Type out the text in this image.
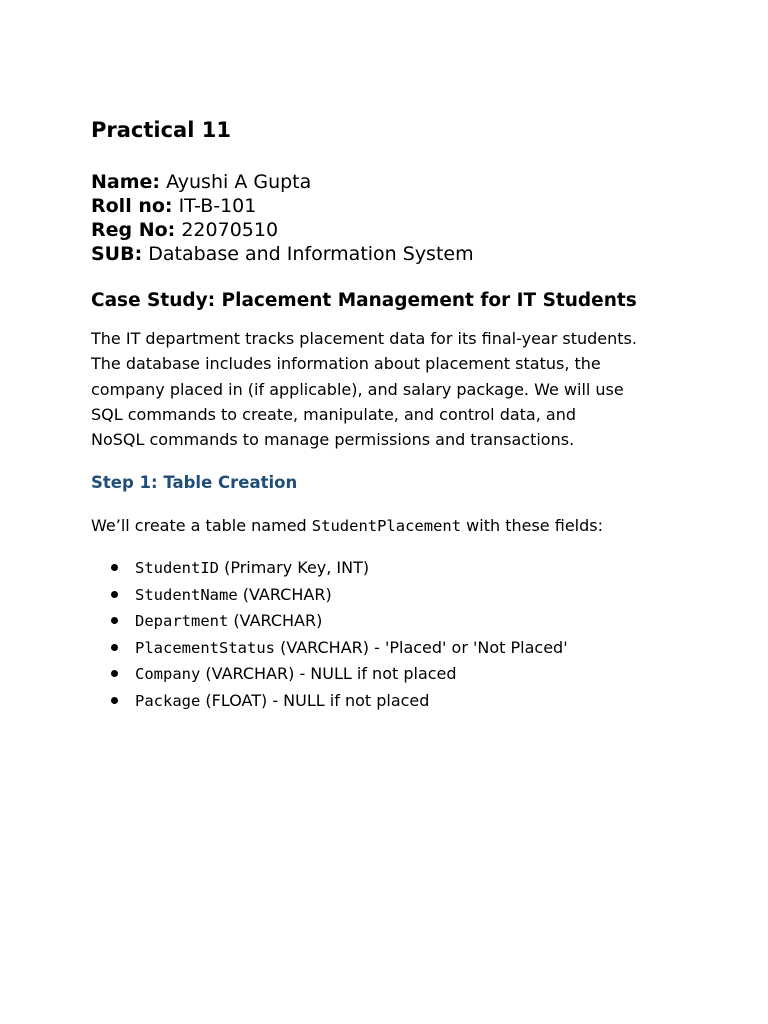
Practical 11
Name: Ayushi A Gupta
Roll no: IT-B-101
Reg No: 22070510
SUB: Database and Information System
Case Study: Placement Management for IT Students
The IT department tracks placement data for its final-year students.
The database includes information about placement status, the
company placed in (if applicable), and salary package. We will use
SQL commands to create, manipulate, and control data, and
NoSQL commands to manage permissions and transactions.
Step 1: Table Creation
We’ll create a table named StudentPlacement with these fields:
StudentID (Primary Key, INT)
StudentName (VARCHAR)
Department (VARCHAR)
PlacementStatus (VARCHAR) - 'Placed' or 'Not Placed'
Company (VARCHAR) - NULL if not placed
Package (FLOAT) - NULL if not placed
